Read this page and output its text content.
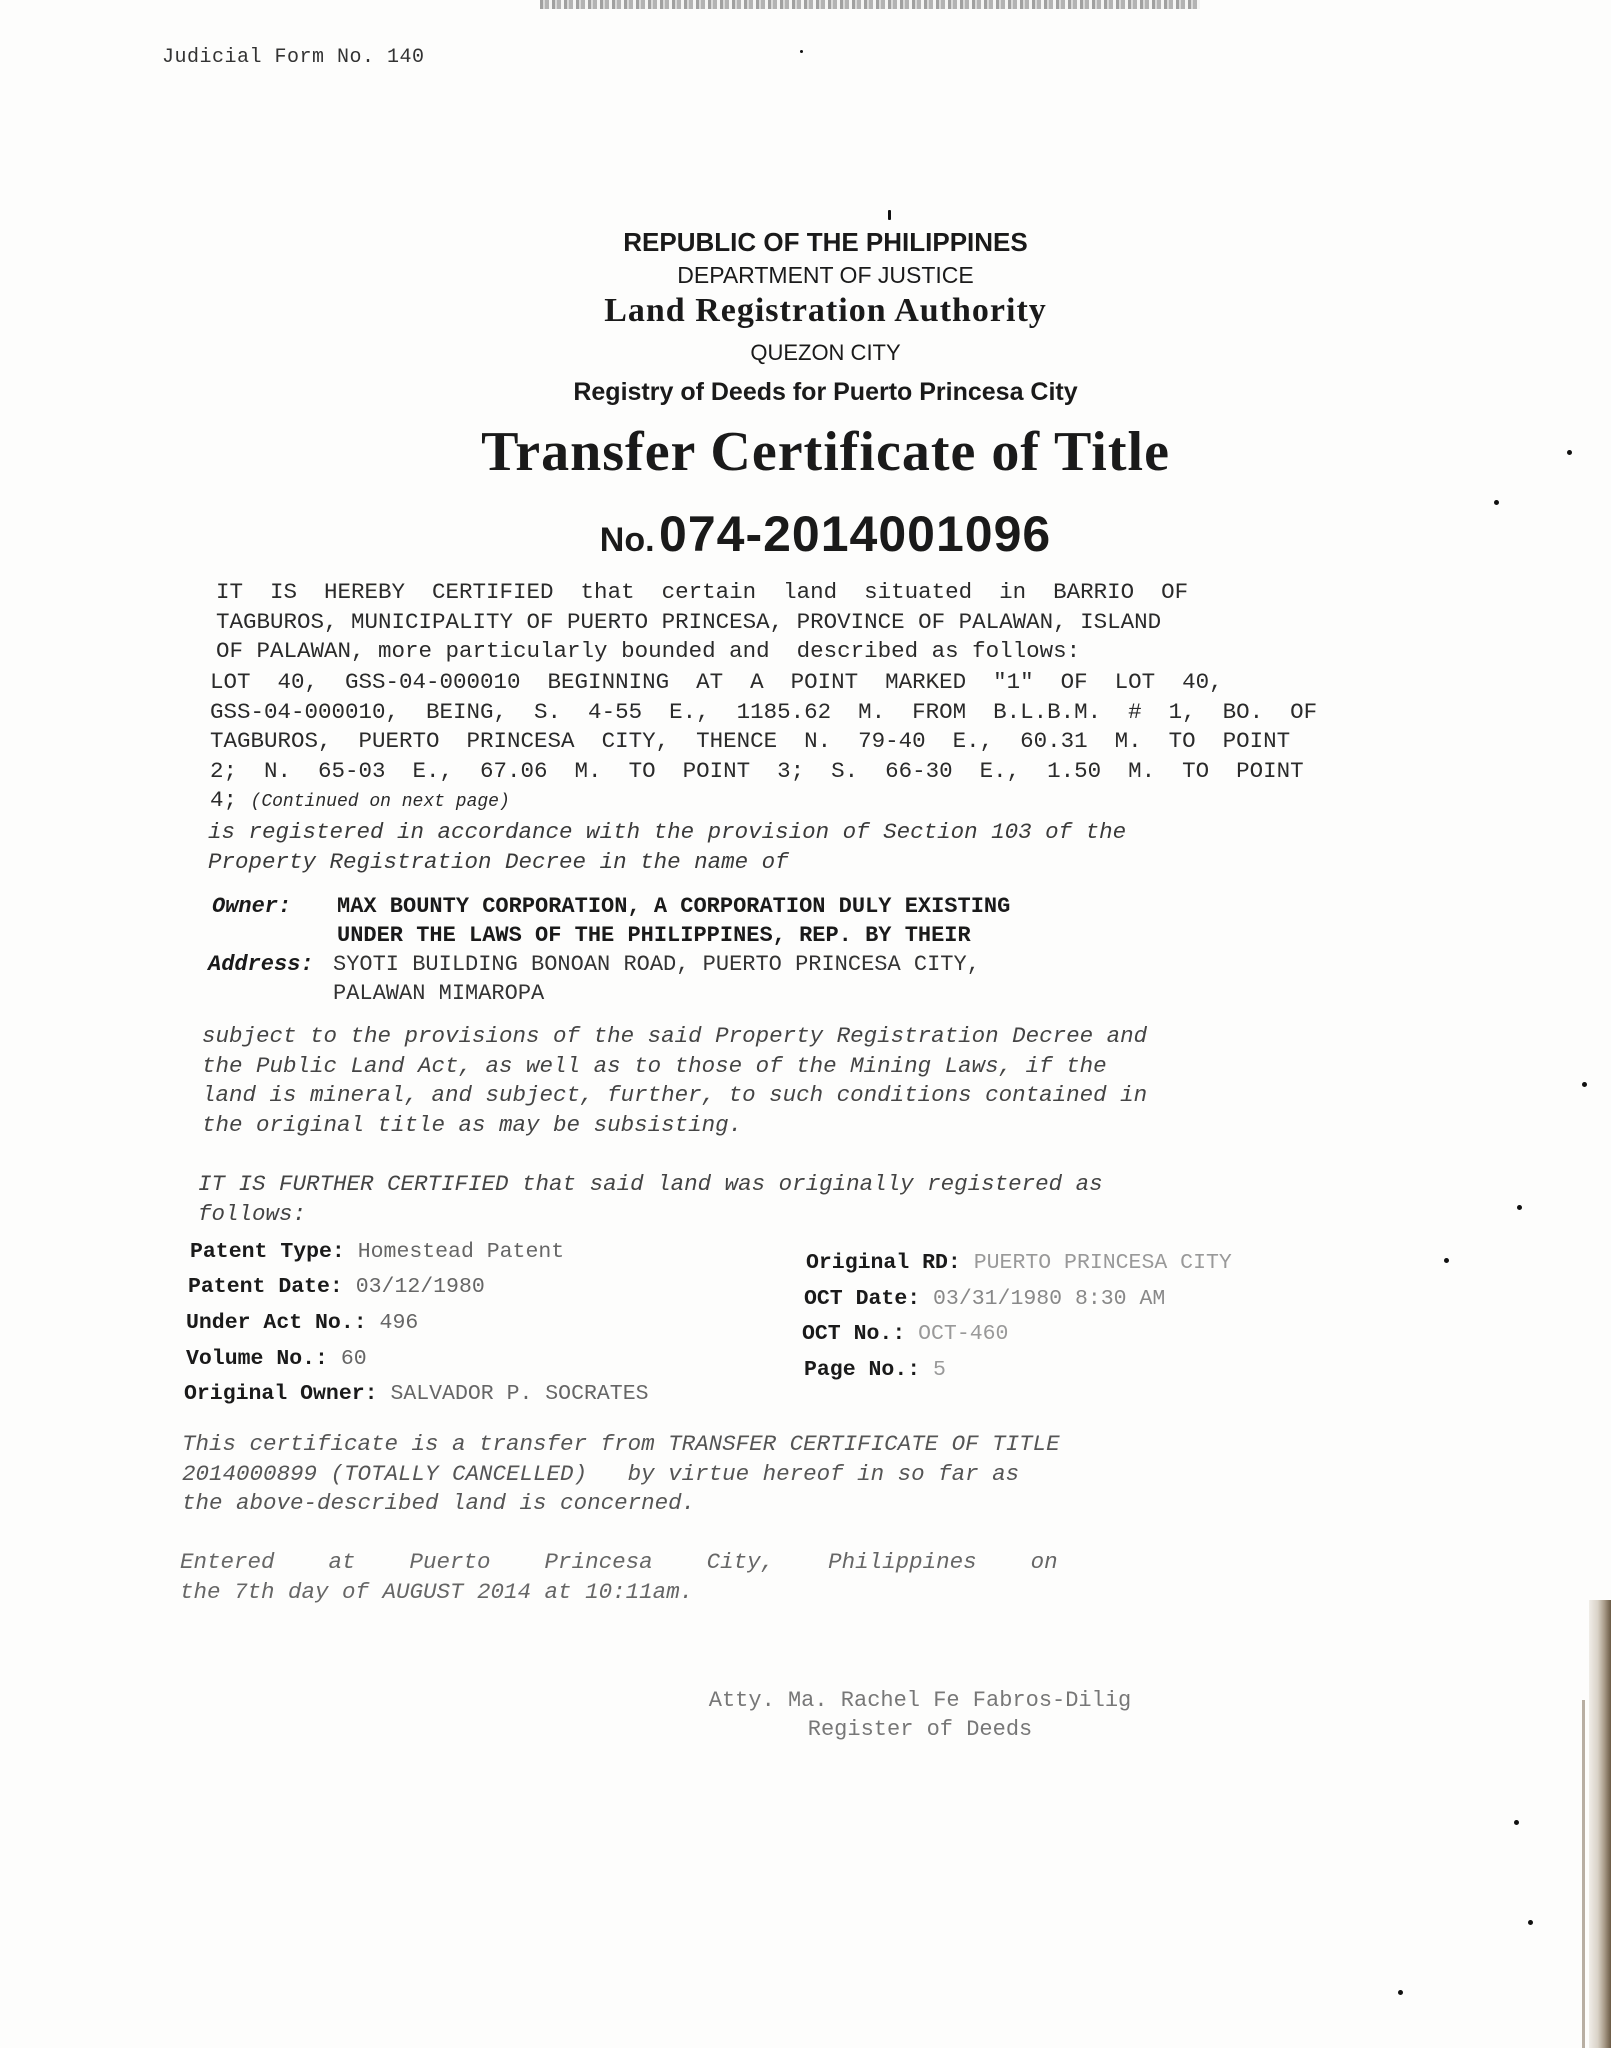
Judicial Form No. 140
REPUBLIC OF THE PHILIPPINES
DEPARTMENT OF JUSTICE
Land Registration Authority
QUEZON CITY
Registry of Deeds for Puerto Princesa City
Transfer Certificate of Title
No. 074-2014001096
IT  IS  HEREBY  CERTIFIED  that  certain  land  situated  in  BARRIO  OF
TAGBUROS, MUNICIPALITY OF PUERTO PRINCESA, PROVINCE OF PALAWAN, ISLAND
OF PALAWAN, more particularly bounded and  described as follows:
LOT  40,  GSS-04-000010  BEGINNING  AT  A  POINT  MARKED  "1"  OF  LOT  40,
GSS-04-000010,  BEING,  S.  4-55  E.,  1185.62  M.  FROM  B.L.B.M.  #  1,  BO.  OF
TAGBUROS,  PUERTO  PRINCESA  CITY,  THENCE  N.  79-40  E.,  60.31  M.  TO  POINT
2;  N.  65-03  E.,  67.06  M.  TO  POINT  3;  S.  66-30  E.,  1.50  M.  TO  POINT
4; (Continued on next page)
is registered in accordance with the provision of Section 103 of the
Property Registration Decree in the name of
Owner:	MAX BOUNTY CORPORATION, A CORPORATION DULY EXISTING
UNDER THE LAWS OF THE PHILIPPINES, REP. BY THEIR
Address: SYOTI BUILDING BONOAN ROAD, PUERTO PRINCESA CITY,
PALAWAN MIMAROPA
subject to the provisions of the said Property Registration Decree and
the Public Land Act, as well as to those of the Mining Laws, if the
land is mineral, and subject, further, to such conditions contained in
the original title as may be subsisting.
IT IS FURTHER CERTIFIED that said land was originally registered as
follows:
Patent Type: Homestead Patent
Patent Date: 03/12/1980
Under Act No.: 496
Volume No.: 60
Original Owner: SALVADOR P. SOCRATES
Original RD: PUERTO PRINCESA CITY
OCT Date: 03/31/1980 8:30 AM
OCT No.: OCT-460
Page No.: 5
This certificate is a transfer from TRANSFER CERTIFICATE OF TITLE
2014000899 (TOTALLY CANCELLED)   by virtue hereof in so far as
the above-described land is concerned.
Entered    at    Puerto    Princesa    City,    Philippines    on
the 7th day of AUGUST 2014 at 10:11am.
Atty. Ma. Rachel Fe Fabros-Dilig
Register of Deeds
